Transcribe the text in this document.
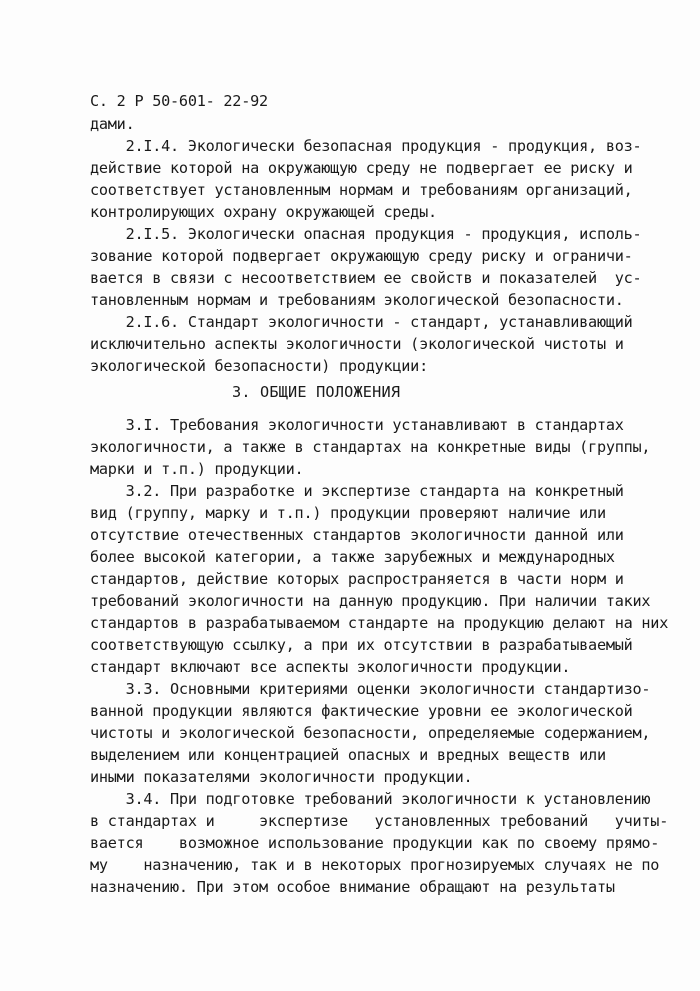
С. 2 Р 50-601- 22-92
дами.
2.I.4. Экологически безопасная продукция - продукция, воз-
действие которой на окружающую среду не подвергает ее риску и
соответствует установленным нормам и требованиям организаций,
контролирующих охрану окружающей среды.
2.I.5. Экологически опасная продукция - продукция, исполь-
зование которой подвергает окружающую среду риску и ограничи-
вается в связи с несоответствием ее свойств и показателей  ус-
тановленным нормам и требованиям экологической безопасности.
2.I.6. Стандарт экологичности - стандарт, устанавливающий
исключительно аспекты экологичности (экологической чистоты и
экологической безопасности) продукции:
3. ОБЩИЕ ПОЛОЖЕНИЯ
3.I. Требования экологичности устанавливают в стандартах
экологичности, а также в стандартах на конкретные виды (группы,
марки и т.п.) продукции.
3.2. При разработке и экспертизе стандарта на конкретный
вид (группу, марку и т.п.) продукции проверяют наличие или
отсутствие отечественных стандартов экологичности данной или
более высокой категории, а также зарубежных и международных
стандартов, действие которых распространяется в части норм и
требований экологичности на данную продукцию. При наличии таких
стандартов в разрабатываемом стандарте на продукцию делают на них
соответствующую ссылку, а при их отсутствии в разрабатываемый
стандарт включают все аспекты экологичности продукции.
3.3. Основными критериями оценки экологичности стандартизо-
ванной продукции являются фактические уровни ее экологической
чистоты и экологической безопасности, определяемые содержанием,
выделением или концентрацией опасных и вредных веществ или
иными показателями экологичности продукции.
3.4. При подготовке требований экологичности к установлению
в стандартах и     экспертизе   установленных требований   учиты-
вается    возможное использование продукции как по своему прямо-
му    назначению, так и в некоторых прогнозируемых случаях не по
назначению. При этом особое внимание обращают на результаты
